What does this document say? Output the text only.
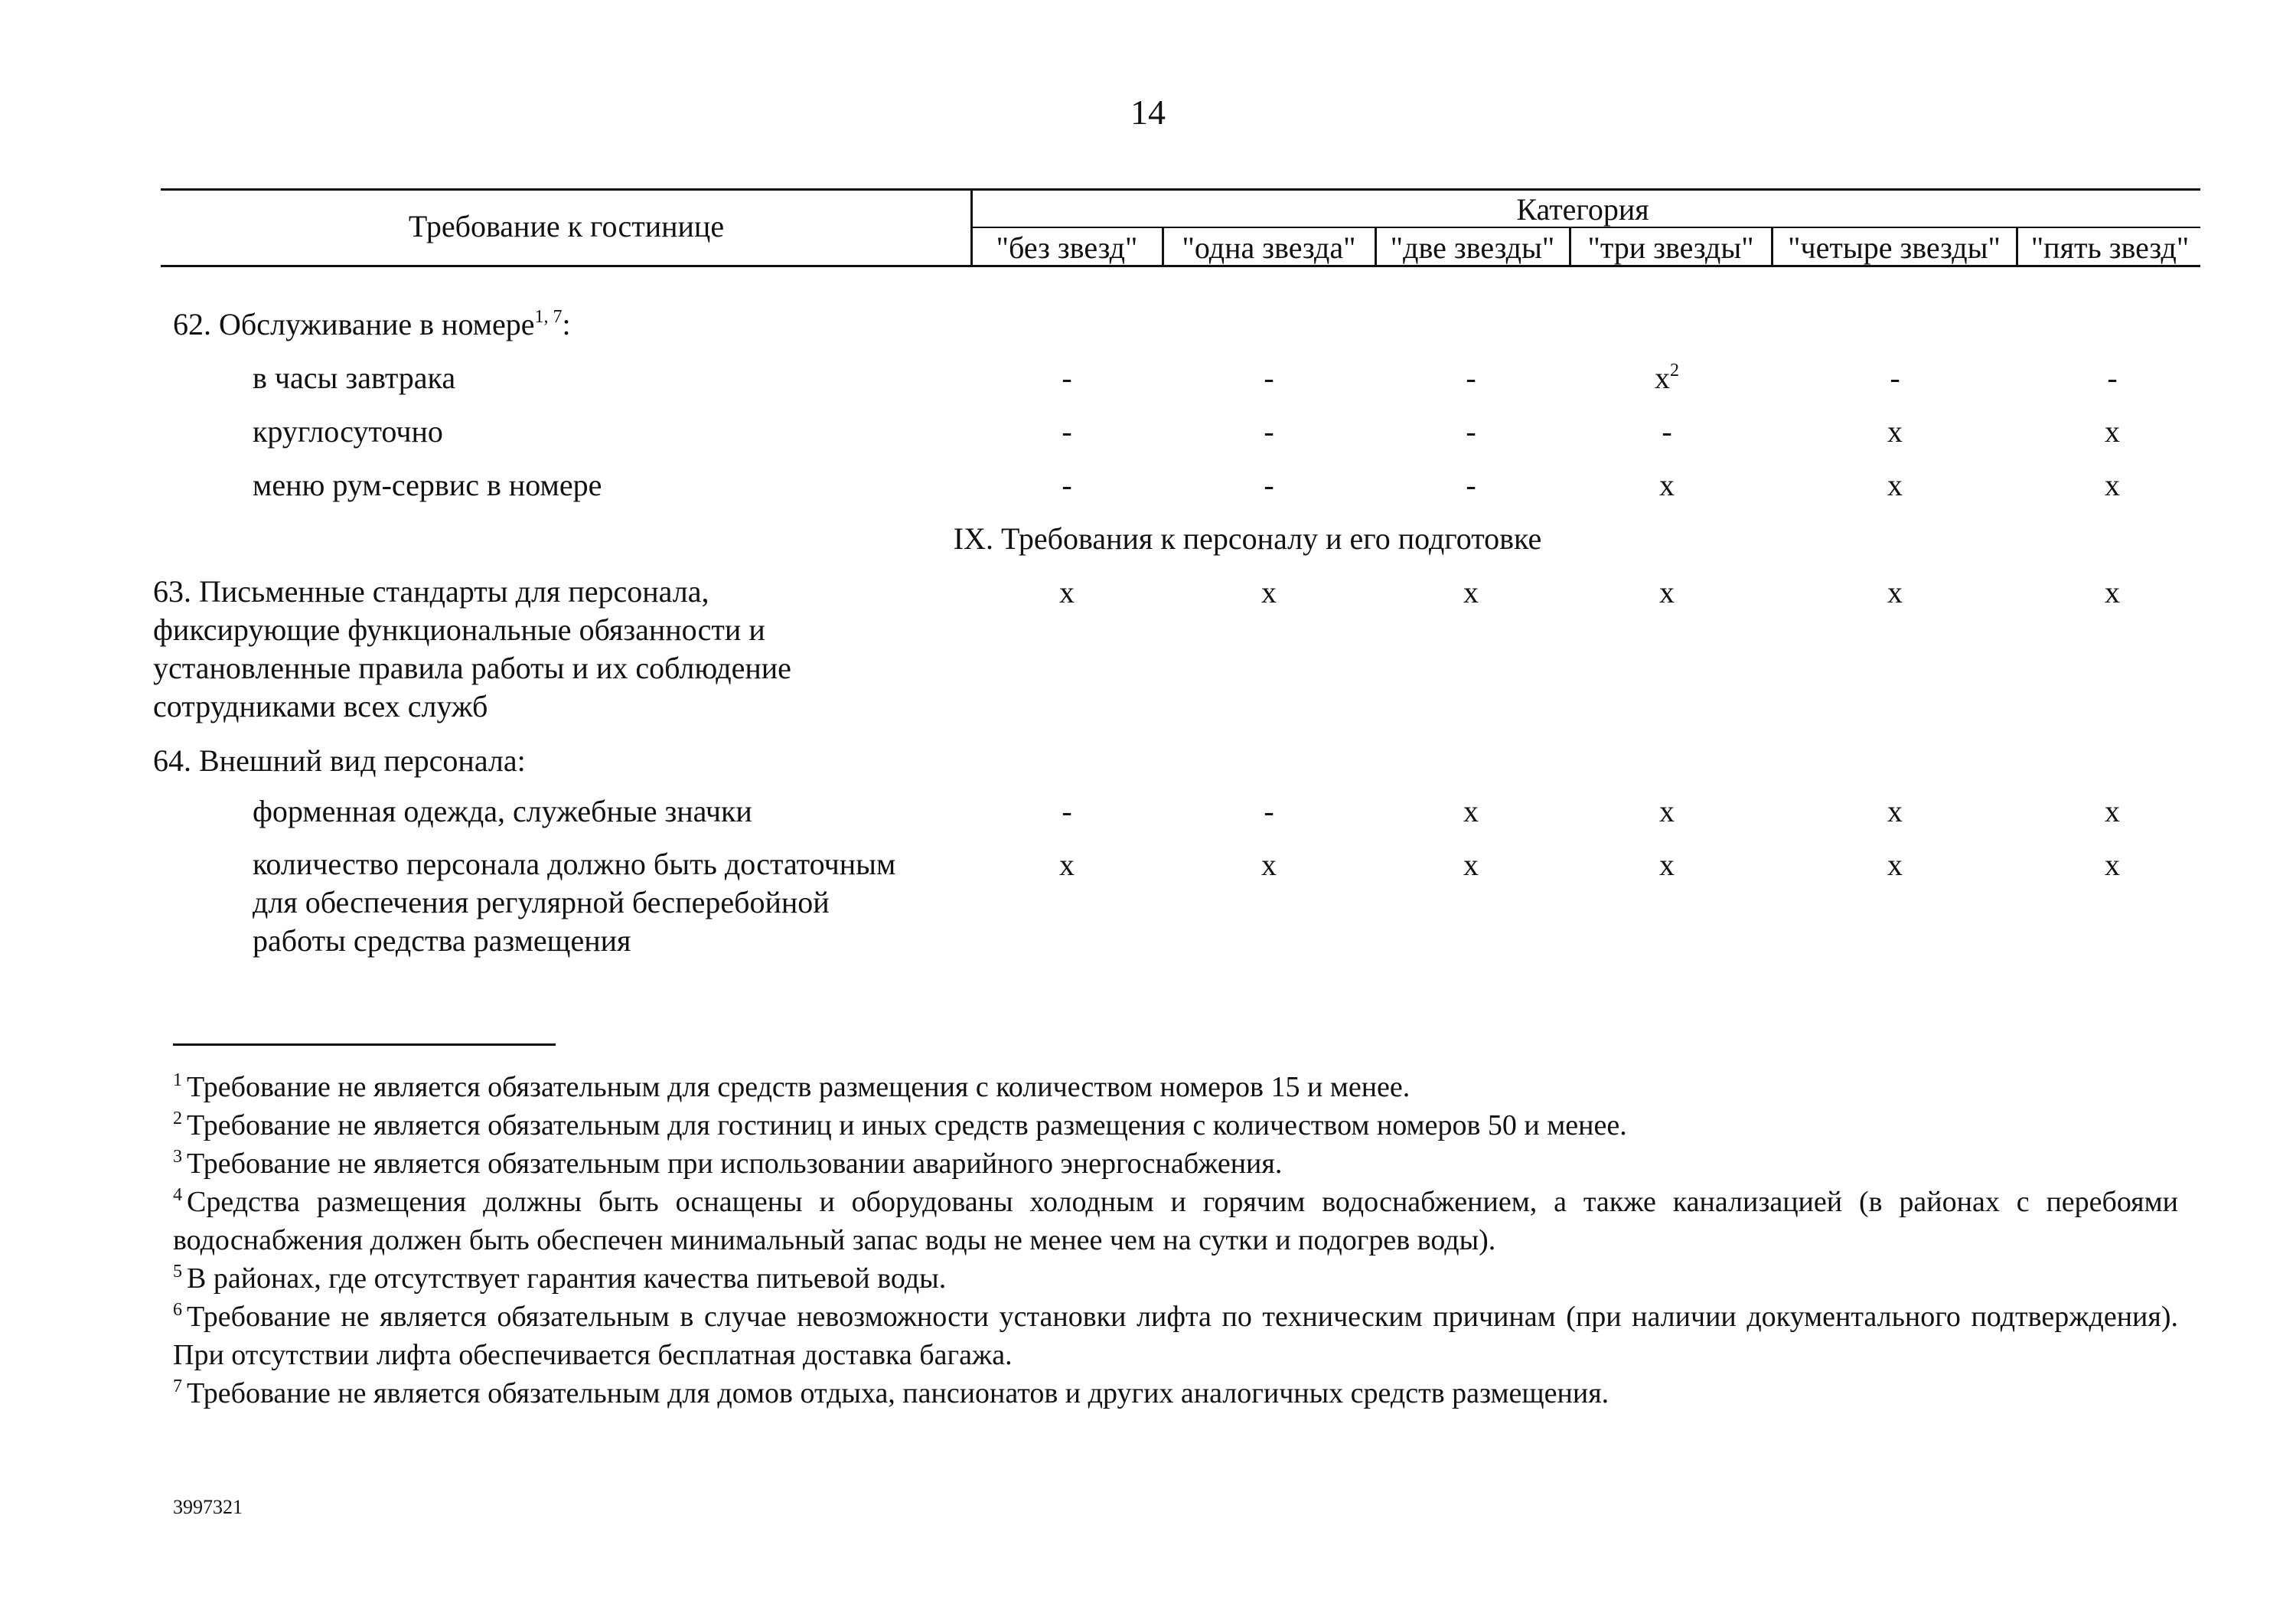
14
Требование к гостинице	Категория
"без звезд"	"одна звезда"	"две звезды"	"три звезды"	"четыре звезды"	"пять звезд"
62. Обслуживание в номере$^{1, 7}$:
в часы завтрака	-	-	-	$х^2$	-	-
круглосуточно	-	-	-	-	х	х
меню рум-сервис в номере	-	-	-	х	х	х
IX. Требования к персоналу и его подготовке
63. Письменные стандарты для персонала,
фиксирующие функциональные обязанности и
установленные правила работы и их соблюдение
сотрудниками всех служб
х	х	х	х	х	х
64. Внешний вид персонала:
форменная одежда, служебные значки	-	-	х	х	х	х
количество персонала должно быть достаточным
для обеспечения регулярной бесперебойной
работы средства размещения
х	х	х	х	х	х
$^1$ Требование не является обязательным для средств размещения с количеством номеров 15 и менее.
$^2$ Требование не является обязательным для гостиниц и иных средств размещения с количеством номеров 50 и менее.
$^3$ Требование не является обязательным при использовании аварийного энергоснабжения.
$^4$ Средства размещения должны быть оснащены и оборудованы холодным и горячим водоснабжением, а также канализацией (в районах с перебоями водоснабжения должен быть обеспечен минимальный запас воды не менее чем на сутки и подогрев воды).
$^5$ В районах, где отсутствует гарантия качества питьевой воды.
$^6$ Требование не является обязательным в случае невозможности установки лифта по техническим причинам (при наличии документального подтверждения). При отсутствии лифта обеспечивается бесплатная доставка багажа.
$^7$ Требование не является обязательным для домов отдыха, пансионатов и других аналогичных средств размещения.
3997321
